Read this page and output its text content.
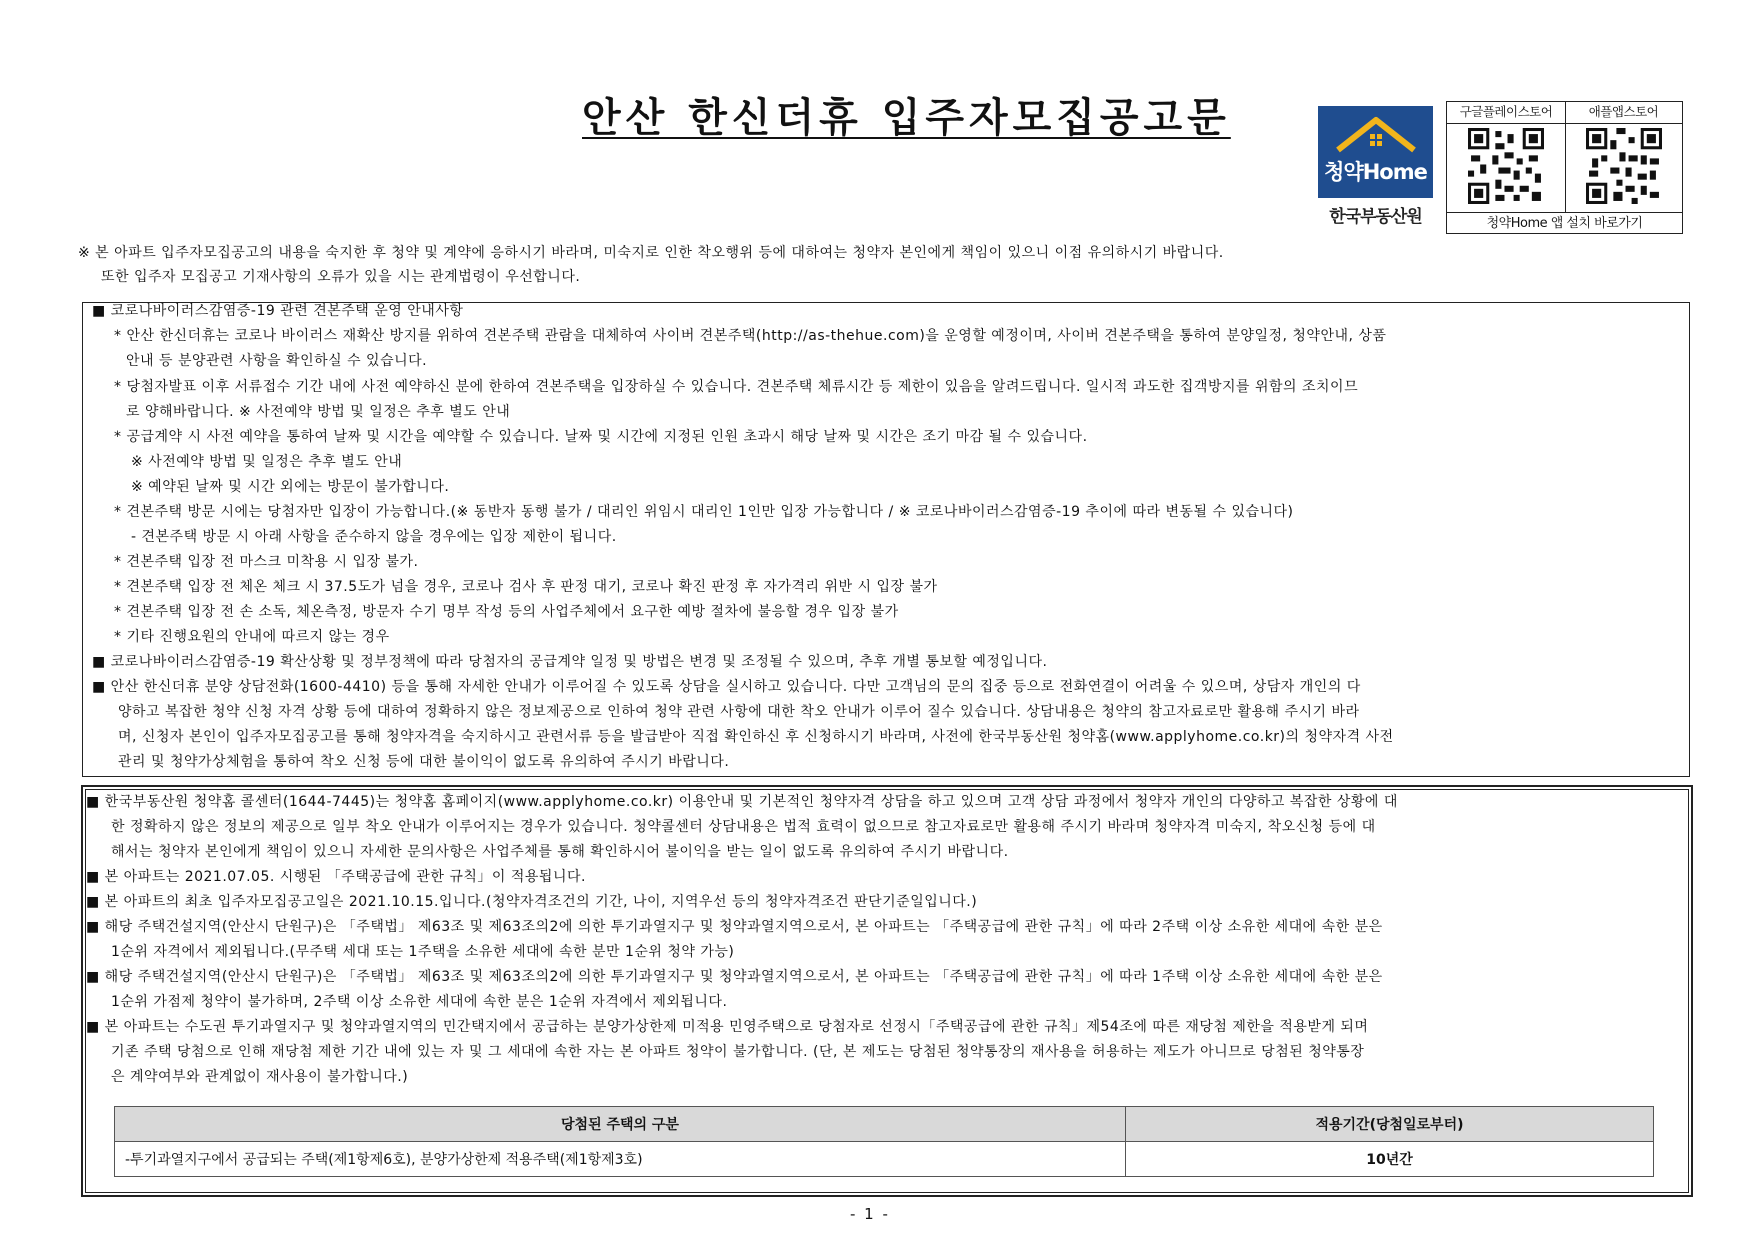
안산 한신더휴 입주자모집공고문
청약Home
한국부동산원
구글플레이스토어	애플앱스토어
청약Home 앱 설치 바로가기
※ 본 아파트 입주자모집공고의 내용을 숙지한 후 청약 및 계약에 응하시기 바라며, 미숙지로 인한 착오행위 등에 대하여는 청약자 본인에게 책임이 있으니 이점 유의하시기 바랍니다.
또한 입주자 모집공고 기재사항의 오류가 있을 시는 관계법령이 우선합니다.
■ 코로나바이러스감염증-19 관련 견본주택 운영 안내사항
* 안산 한신더휴는 코로나 바이러스 재확산 방지를 위하여 견본주택 관람을 대체하여 사이버 견본주택(http://as-thehue.com)을 운영할 예정이며, 사이버 견본주택을 통하여 분양일정, 청약안내, 상품
안내 등 분양관련 사항을 확인하실 수 있습니다.
* 당첨자발표 이후 서류접수 기간 내에 사전 예약하신 분에 한하여 견본주택을 입장하실 수 있습니다. 견본주택 체류시간 등 제한이 있음을 알려드립니다. 일시적 과도한 집객방지를 위함의 조치이므
로 양해바랍니다. ※ 사전예약 방법 및 일정은 추후 별도 안내
* 공급계약 시 사전 예약을 통하여 날짜 및 시간을 예약할 수 있습니다. 날짜 및 시간에 지정된 인원 초과시 해당 날짜 및 시간은 조기 마감 될 수 있습니다.
※ 사전예약 방법 및 일정은 추후 별도 안내
※ 예약된 날짜 및 시간 외에는 방문이 불가합니다.
* 견본주택 방문 시에는 당첨자만 입장이 가능합니다.(※ 동반자 동행 불가 / 대리인 위임시 대리인 1인만 입장 가능합니다 / ※ 코로나바이러스감염증-19 추이에 따라 변동될 수 있습니다)
- 견본주택 방문 시 아래 사항을 준수하지 않을 경우에는 입장 제한이 됩니다.
* 견본주택 입장 전 마스크 미착용 시 입장 불가.
* 견본주택 입장 전 체온 체크 시 37.5도가 넘을 경우, 코로나 검사 후 판정 대기, 코로나 확진 판정 후 자가격리 위반 시 입장 불가
* 견본주택 입장 전 손 소독, 체온측정, 방문자 수기 명부 작성 등의 사업주체에서 요구한 예방 절차에 불응할 경우 입장 불가
* 기타 진행요원의 안내에 따르지 않는 경우
■ 코로나바이러스감염증-19 확산상황 및 정부정책에 따라 당첨자의 공급계약 일정 및 방법은 변경 및 조정될 수 있으며, 추후 개별 통보할 예정입니다.
■ 안산 한신더휴 분양 상담전화(1600-4410) 등을 통해 자세한 안내가 이루어질 수 있도록 상담을 실시하고 있습니다. 다만 고객님의 문의 집중 등으로 전화연결이 어려울 수 있으며, 상담자 개인의 다
양하고 복잡한 청약 신청 자격 상황 등에 대하여 정확하지 않은 정보제공으로 인하여 청약 관련 사항에 대한 착오 안내가 이루어 질수 있습니다. 상담내용은 청약의 참고자료로만 활용해 주시기 바라
며, 신청자 본인이 입주자모집공고를 통해 청약자격을 숙지하시고 관련서류 등을 발급받아 직접 확인하신 후 신청하시기 바라며, 사전에 한국부동산원 청약홈(www.applyhome.co.kr)의 청약자격 사전
관리 및 청약가상체험을 통하여 착오 신청 등에 대한 불이익이 없도록 유의하여 주시기 바랍니다.
■ 한국부동산원 청약홈 콜센터(1644-7445)는 청약홈 홈페이지(www.applyhome.co.kr) 이용안내 및 기본적인 청약자격 상담을 하고 있으며 고객 상담 과정에서 청약자 개인의 다양하고 복잡한 상황에 대
한 정확하지 않은 정보의 제공으로 일부 착오 안내가 이루어지는 경우가 있습니다. 청약콜센터 상담내용은 법적 효력이 없으므로 참고자료로만 활용해 주시기 바라며 청약자격 미숙지, 착오신청 등에 대
해서는 청약자 본인에게 책임이 있으니 자세한 문의사항은 사업주체를 통해 확인하시어 불이익을 받는 일이 없도록 유의하여 주시기 바랍니다.
■ 본 아파트는 2021.07.05. 시행된 「주택공급에 관한 규칙」이 적용됩니다.
■ 본 아파트의 최초 입주자모집공고일은 2021.10.15.입니다.(청약자격조건의 기간, 나이, 지역우선 등의 청약자격조건 판단기준일입니다.)
■ 해당 주택건설지역(안산시 단원구)은 「주택법」 제63조 및 제63조의2에 의한 투기과열지구 및 청약과열지역으로서, 본 아파트는 「주택공급에 관한 규칙」에 따라 2주택 이상 소유한 세대에 속한 분은
1순위 자격에서 제외됩니다.(무주택 세대 또는 1주택을 소유한 세대에 속한 분만 1순위 청약 가능)
■ 해당 주택건설지역(안산시 단원구)은 「주택법」 제63조 및 제63조의2에 의한 투기과열지구 및 청약과열지역으로서, 본 아파트는 「주택공급에 관한 규칙」에 따라 1주택 이상 소유한 세대에 속한 분은
1순위 가점제 청약이 불가하며, 2주택 이상 소유한 세대에 속한 분은 1순위 자격에서 제외됩니다.
■ 본 아파트는 수도권 투기과열지구 및 청약과열지역의 민간택지에서 공급하는 분양가상한제 미적용 민영주택으로 당첨자로 선정시「주택공급에 관한 규칙」제54조에 따른 재당첨 제한을 적용받게 되며
기존 주택 당첨으로 인해 재당첨 제한 기간 내에 있는 자 및 그 세대에 속한 자는 본 아파트 청약이 불가합니다. (단, 본 제도는 당첨된 청약통장의 재사용을 허용하는 제도가 아니므로 당첨된 청약통장
은 계약여부와 관계없이 재사용이 불가합니다.)
당첨된 주택의 구분	적용기간(당첨일로부터)
-투기과열지구에서 공급되는 주택(제1항제6호), 분양가상한제 적용주택(제1항제3호)	10년간
- 1 -
